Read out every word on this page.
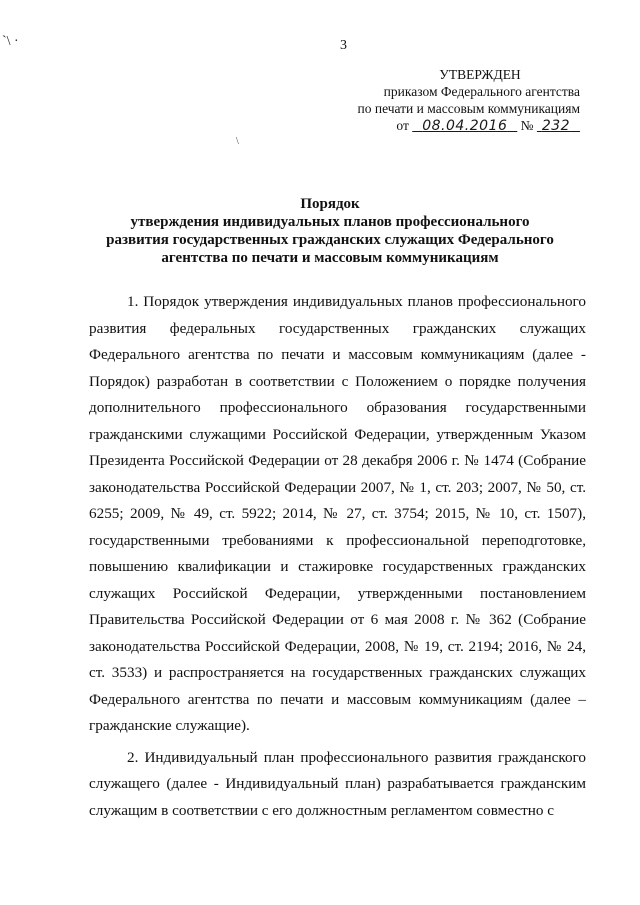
`\ ·	3
УТВЕРЖДЕН
приказом Федерального агентства
по печати и массовым коммуникациям
от 08.04.2016 № 232
\
Порядок
утверждения индивидуальных планов профессионального
развития государственных гражданских служащих Федерального
агентства по печати и массовым коммуникациям

1. Порядок утверждения индивидуальных планов профессионального развития федеральных государственных гражданских служащих Федерального агентства по печати и массовым коммуникациям (далее - Порядок) разработан в соответствии с Положением о порядке получения дополнительного профессионального образования государственными гражданскими служащими Российской Федерации, утвержденным Указом Президента Российской Федерации от 28 декабря 2006 г. № 1474 (Собрание законодательства Российской Федерации 2007, № 1, ст. 203; 2007, № 50, ст. 6255; 2009, № 49, ст. 5922; 2014, № 27, ст. 3754; 2015, № 10, ст. 1507), государственными требованиями к профессиональной переподготовке, повышению квалификации и стажировке государственных гражданских служащих Российской Федерации, утвержденными постановлением Правительства Российской Федерации от 6 мая 2008 г. № 362 (Собрание законодательства Российской Федерации, 2008, № 19, ст. 2194; 2016, № 24, ст. 3533) и распространяется на государственных гражданских служащих Федерального агентства по печати и массовым коммуникациям (далее – гражданские служащие).

2. Индивидуальный план профессионального развития гражданского служащего (далее - Индивидуальный план) разрабатывается гражданским служащим в соответствии с его должностным регламентом совместно с
